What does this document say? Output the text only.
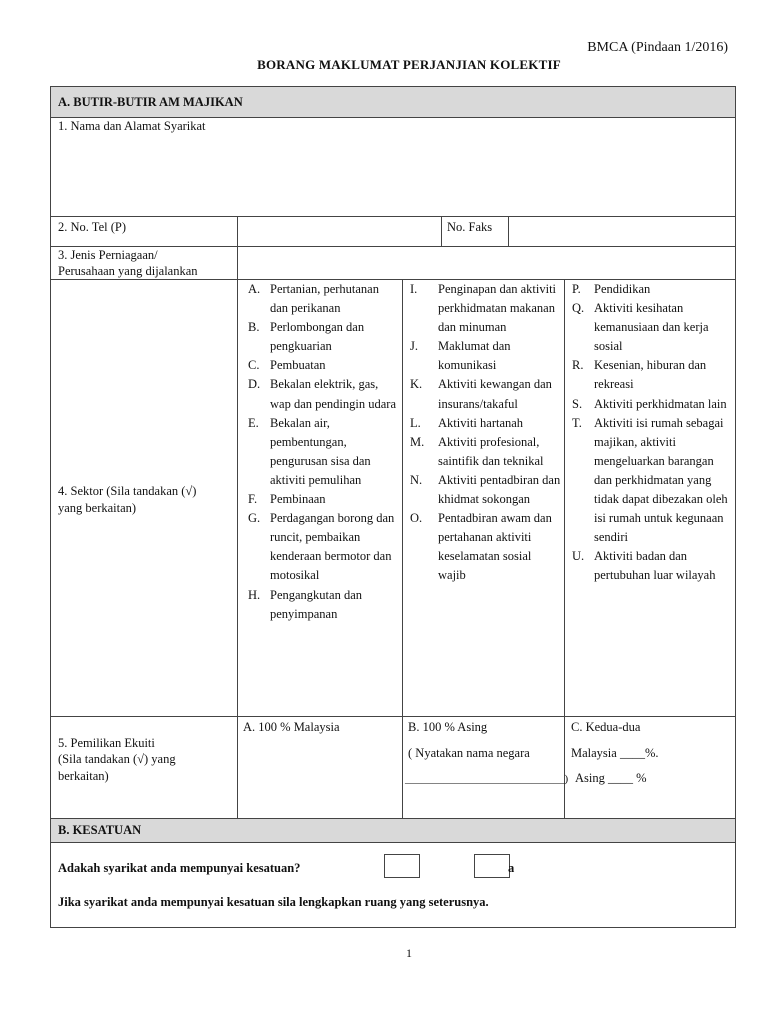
BMCA (Pindaan 1/2016)
BORANG MAKLUMAT PERJANJIAN KOLEKTIF
A. BUTIR-BUTIR AM MAJIKAN
1. Nama dan Alamat Syarikat
2. No. Tel (P)	No. Faks
3. Jenis Perniagaan/
Perusahaan yang dijalankan
4. Sektor (Sila tandakan (√)
yang berkaitan)
A. Pertanian, perhutanan dan perikanan
B. Perlombongan dan pengkuarian
C. Pembuatan
D. Bekalan elektrik, gas, wap dan pendingin udara
E. Bekalan air, pembentungan, pengurusan sisa dan aktiviti pemulihan
F.	Pembinaan
G. Perdagangan borong dan runcit, pembaikan kenderaan bermotor dan motosikal
H. Pengangkutan dan penyimpanan
I.	Penginapan dan aktiviti perkhidmatan makanan dan minuman
J.	Maklumat dan komunikasi
K.	Aktiviti kewangan dan insurans/takaful
L.	Aktiviti hartanah
M.	Aktiviti profesional, saintifik dan teknikal
N.	Aktiviti pentadbiran dan khidmat sokongan
O.	Pentadbiran awam dan pertahanan aktiviti keselamatan sosial wajib
P.	Pendidikan
Q. Aktiviti kesihatan kemanusiaan dan kerja sosial
R. Kesenian, hiburan dan rekreasi
S. Aktiviti perkhidmatan lain
T. Aktiviti isi rumah sebagai majikan, aktiviti mengeluarkan barangan dan perkhidmatan yang tidak dapat dibezakan oleh isi rumah untuk kegunaan sendiri
U. Aktiviti badan dan pertubuhan luar wilayah
5. Pemilikan Ekuiti
(Sila tandakan (√) yang
berkaitan)
A. 100 % Malaysia	B. 100 % Asing
( Nyatakan nama negara
_____________________________)
C. Kedua-dua
Malaysia ____%.
Asing ____ %
B. KESATUAN
Adakah syarikat anda mempunyai kesatuan?	a
Jika syarikat anda mempunyai kesatuan sila lengkapkan ruang yang seterusnya.
1
